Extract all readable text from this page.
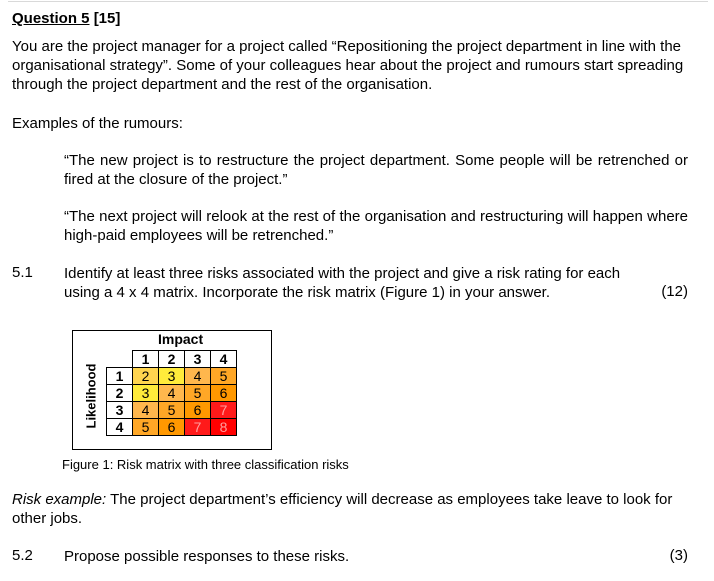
Question 5 [15]
You are the project manager for a project called “Repositioning the project department in line with the organisational strategy”. Some of your colleagues hear about the project and rumours start spreading through the project department and the rest of the organisation.
Examples of the rumours:
“The new project is to restructure the project department. Some people will be retrenched or fired at the closure of the project.”
“The next project will relook at the rest of the organisation and restructuring will happen where high-paid employees will be retrenched.”
5.1 Identify at least three risks associated with the project and give a risk rating for each using a 4 x 4 matrix. Incorporate the risk matrix (Figure 1) in your answer.	(12)
Impact
Likelihood
	1	2	3	4
1	2	3	4	5
2	3	4	5	6
3	4	5	6	7
4	5	6	7	8
Figure 1: Risk matrix with three classification risks
Risk example: The project department’s efficiency will decrease as employees take leave to look for other jobs.
5.2 Propose possible responses to these risks.	(3)
